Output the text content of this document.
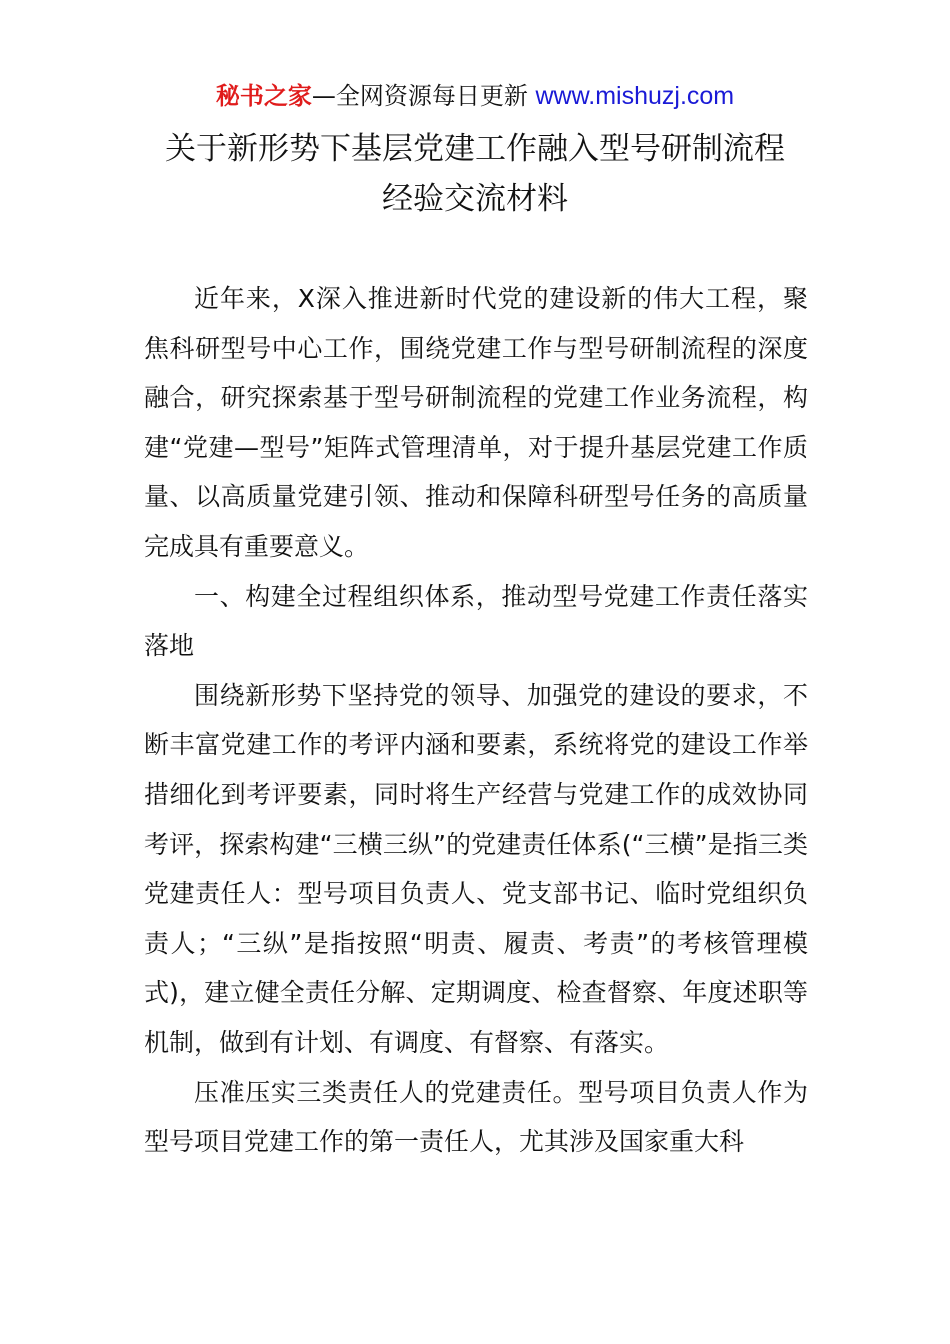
秘书之家—全网资源每日更新 www.mishuzj.com
关于新形势下基层党建工作融入型号研制流程
经验交流材料

近年来，X深入推进新时代党的建设新的伟大工程，聚焦科研型号中心工作，围绕党建工作与型号研制流程的深度融合，研究探索基于型号研制流程的党建工作业务流程，构建“党建—型号”矩阵式管理清单，对于提升基层党建工作质量、以高质量党建引领、推动和保障科研型号任务的高质量完成具有重要意义。

一、构建全过程组织体系，推动型号党建工作责任落实落地

围绕新形势下坚持党的领导、加强党的建设的要求，不断丰富党建工作的考评内涵和要素，系统将党的建设工作举措细化到考评要素，同时将生产经营与党建工作的成效协同考评，探索构建“三横三纵”的党建责任体系(“三横”是指三类党建责任人：型号项目负责人、党支部书记、临时党组织负责人；“三纵”是指按照“明责、履责、考责”的考核管理模式)，建立健全责任分解、定期调度、检查督察、年度述职等机制，做到有计划、有调度、有督察、有落实。

压准压实三类责任人的党建责任。型号项目负责人作为型号项目党建工作的第一责任人，尤其涉及国家重大科
